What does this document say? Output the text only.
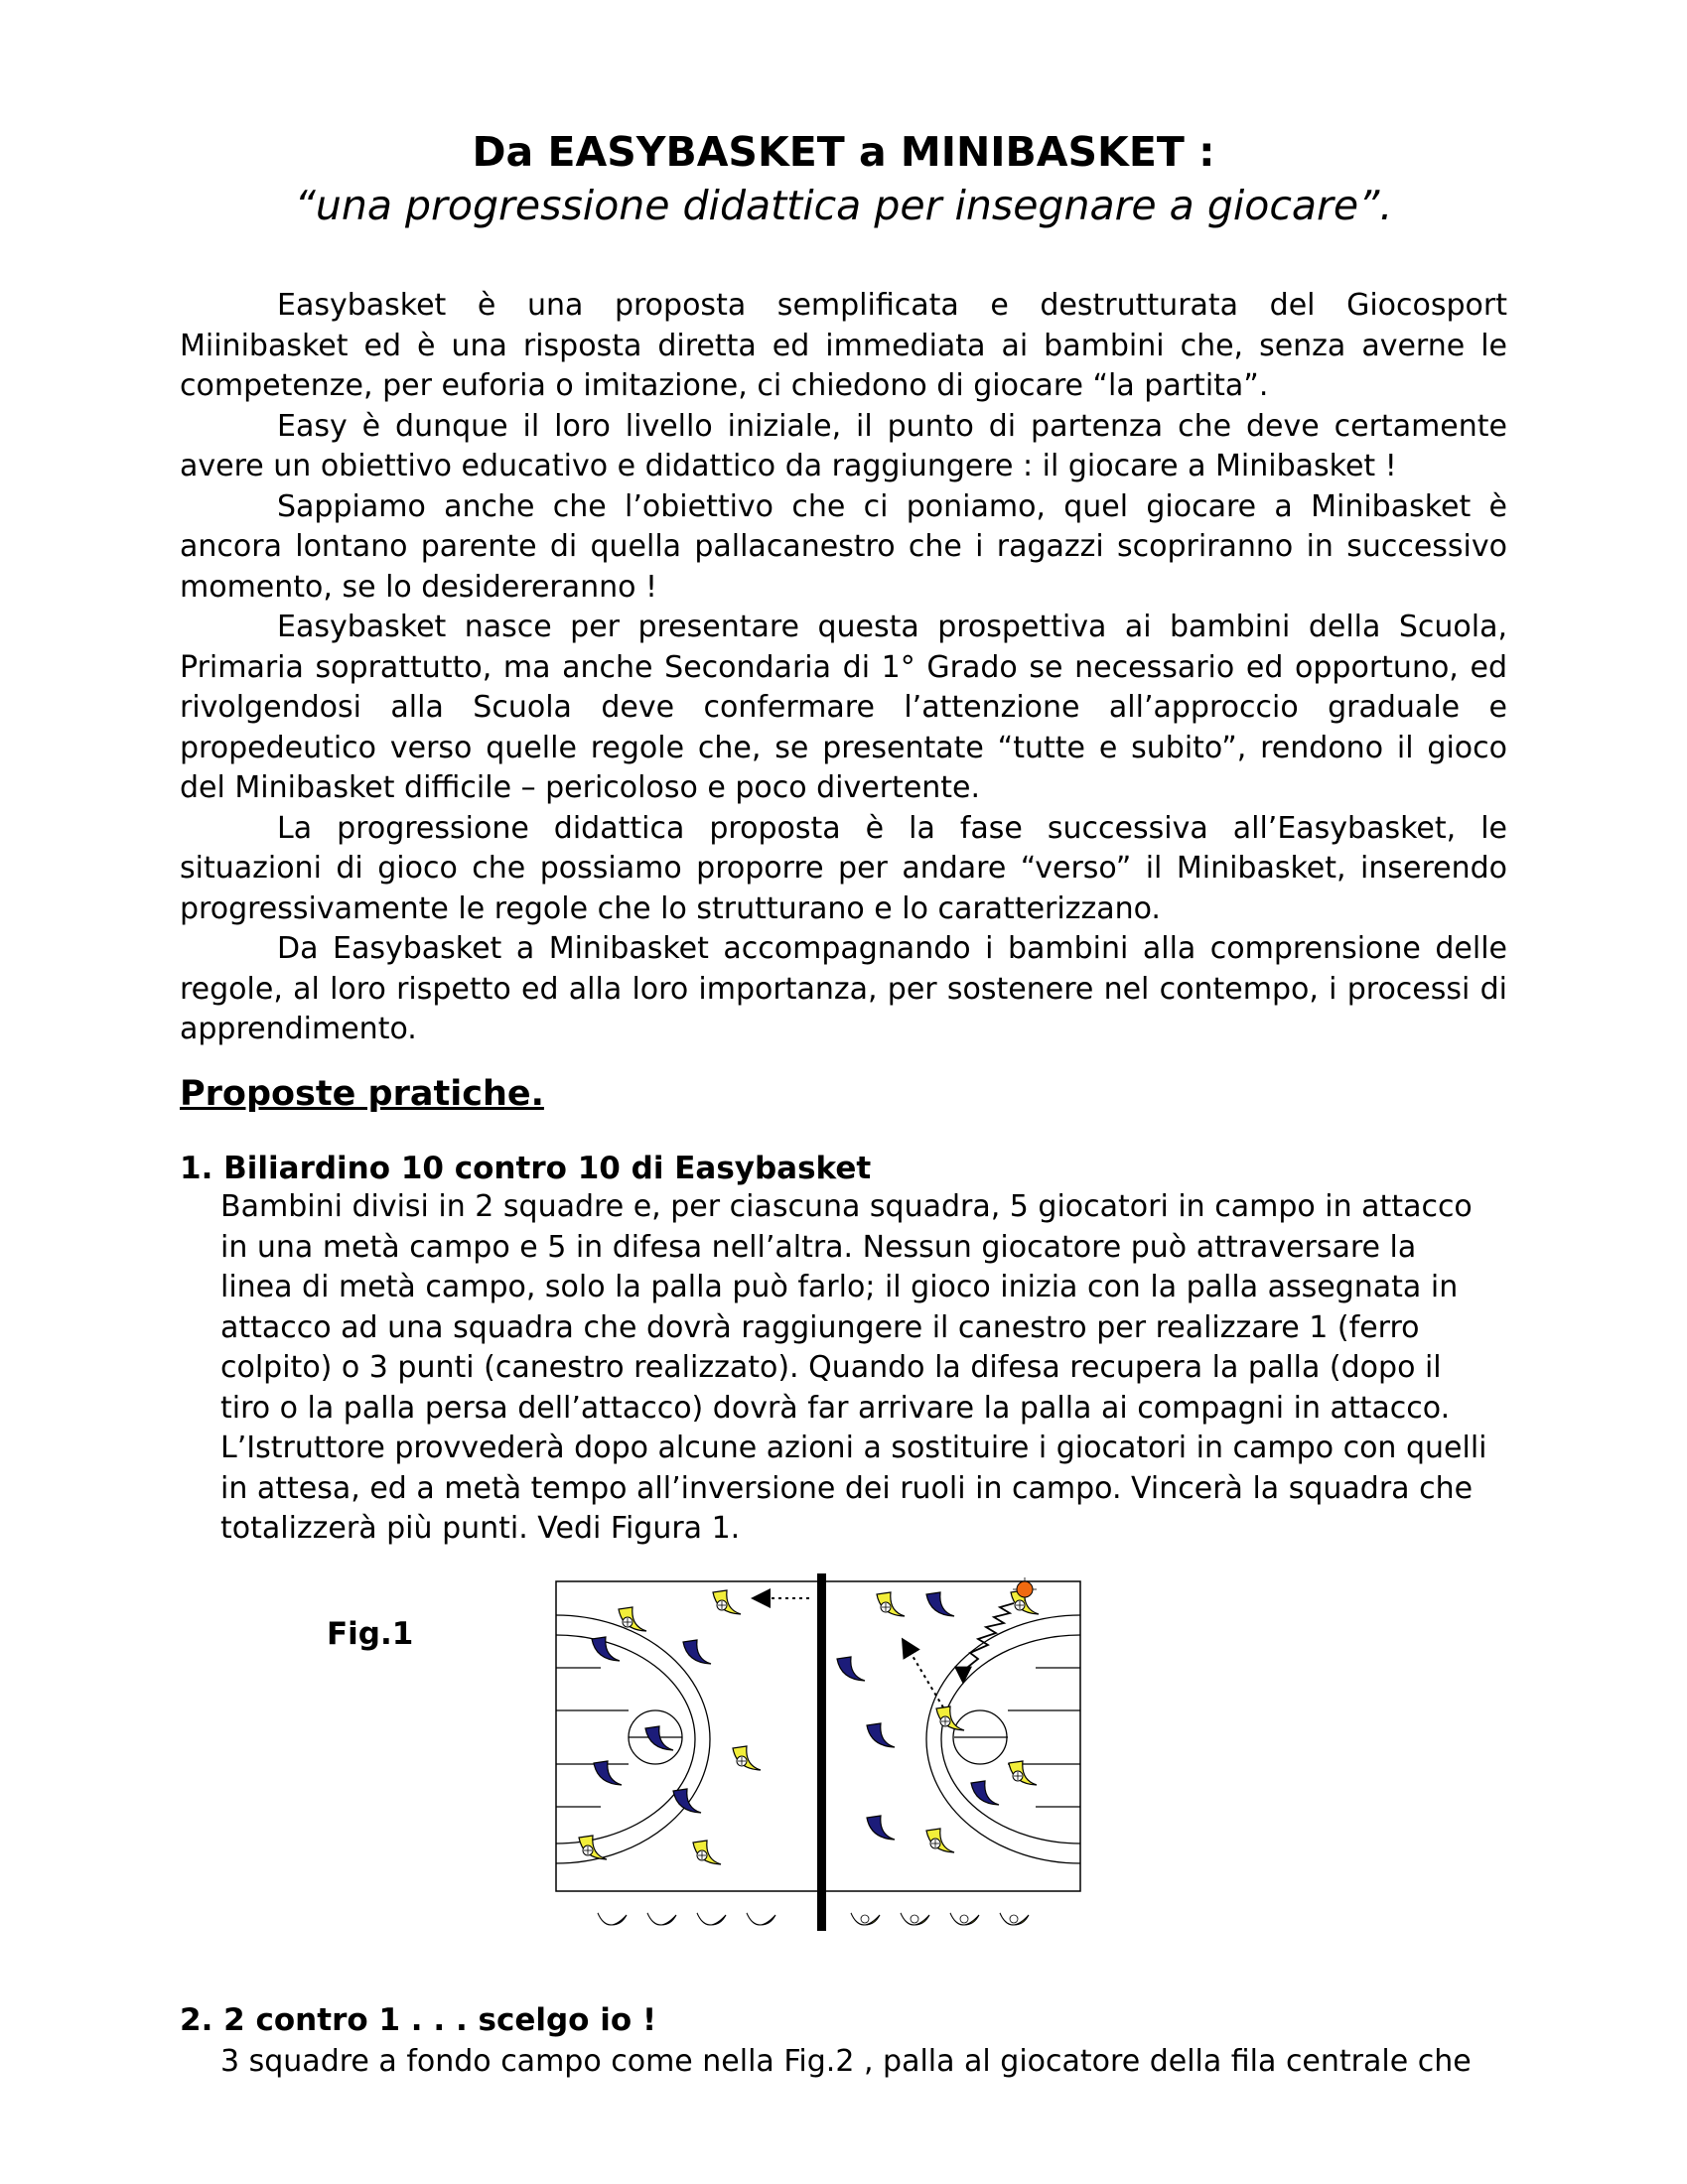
Da EASYBASKET a MINIBASKET :
“una progressione didattica per insegnare a giocare”.

Easybasket è una proposta semplificata e destrutturata del Giocosport Miinibasket ed è una risposta diretta ed immediata ai bambini che, senza averne le competenze, per euforia o imitazione, ci chiedono di giocare “la partita”.

Easy è dunque il loro livello iniziale, il punto di partenza che deve certamente avere un obiettivo educativo e didattico da raggiungere : il giocare a Minibasket !

Sappiamo anche che l’obiettivo che ci poniamo, quel giocare a Minibasket è ancora lontano parente di quella pallacanestro che i ragazzi scopriranno in successivo momento, se lo desidereranno !

Easybasket nasce per presentare questa prospettiva ai bambini della Scuola, Primaria soprattutto, ma anche Secondaria di 1° Grado se necessario ed opportuno, ed rivolgendosi alla Scuola deve confermare l’attenzione all’approccio graduale e propedeutico verso quelle regole che, se presentate “tutte e subito”, rendono il gioco del Minibasket difficile – pericoloso e poco divertente.

La progressione didattica proposta è la fase successiva all’Easybasket, le situazioni di gioco che possiamo proporre per andare “verso” il Minibasket, inserendo progressivamente le regole che lo strutturano e lo caratterizzano.

Da Easybasket a Minibasket accompagnando i bambini alla comprensione delle regole, al loro rispetto ed alla loro importanza, per sostenere nel contempo, i processi di apprendimento.

Proposte pratiche.
1. Biliardino 10 contro 10 di Easybasket

Bambini divisi in 2 squadre e, per ciascuna squadra, 5 giocatori in campo in attacco in una metà campo e 5 in difesa nell’altra. Nessun giocatore può attraversare la linea di metà campo, solo la palla può farlo; il gioco inizia con la palla assegnata in attacco ad una squadra che dovrà raggiungere il canestro per realizzare 1 (ferro colpito) o 3 punti (canestro realizzato). Quando la difesa recupera la palla (dopo il tiro o la palla persa dell’attacco) dovrà far arrivare la palla ai compagni in attacco. L’Istruttore provvederà dopo alcune azioni a sostituire i giocatori in campo con quelli in attesa, ed a metà tempo all’inversione dei ruoli in campo. Vincerà la squadra che totalizzerà più punti. Vedi Figura 1.

Fig.1
2. 2 contro 1 . . . scelgo io !

3 squadre a fondo campo come nella Fig.2 , palla al giocatore della fila centrale che
